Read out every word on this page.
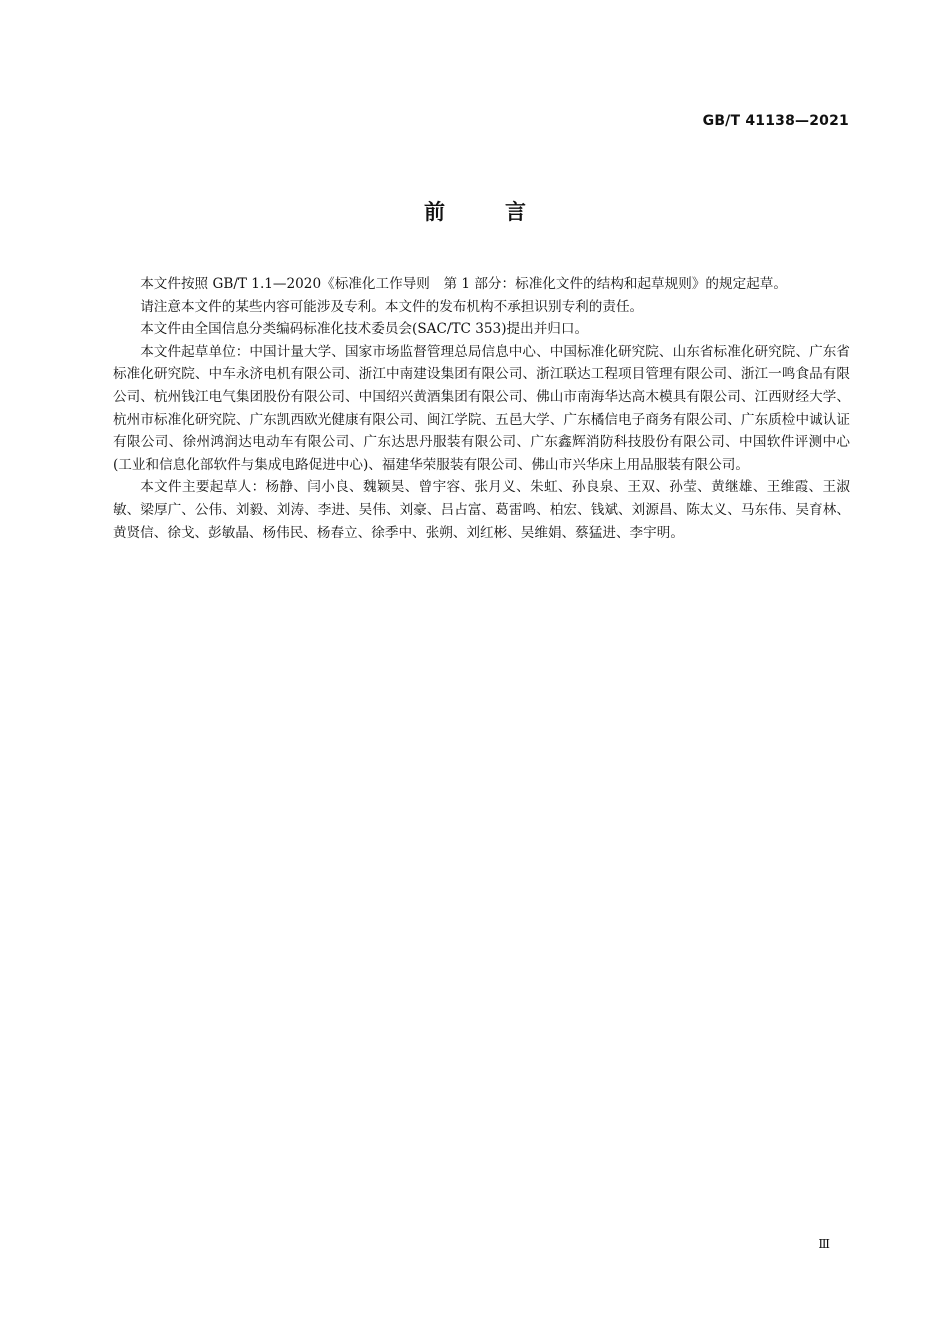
GB/T 41138—2021
前言

本文件按照 GB/T 1.1—2020《标准化工作导则　第 1 部分：标准化文件的结构和起草规则》的规定起草。

请注意本文件的某些内容可能涉及专利。本文件的发布机构不承担识别专利的责任。

本文件由全国信息分类编码标准化技术委员会(SAC/TC 353)提出并归口。

本文件起草单位：中国计量大学、国家市场监督管理总局信息中心、中国标准化研究院、山东省标准化研究院、广东省标准化研究院、中车永济电机有限公司、浙江中南建设集团有限公司、浙江联达工程项目管理有限公司、浙江一鸣食品有限公司、杭州钱江电气集团股份有限公司、中国绍兴黄酒集团有限公司、佛山市南海华达高木模具有限公司、江西财经大学、杭州市标准化研究院、广东凯西欧光健康有限公司、闽江学院、五邑大学、广东橘信电子商务有限公司、广东质检中诚认证有限公司、徐州鸿润达电动车有限公司、广东达思丹服装有限公司、广东鑫辉消防科技股份有限公司、中国软件评测中心(工业和信息化部软件与集成电路促进中心)、福建华荣服装有限公司、佛山市兴华床上用品服装有限公司。

本文件主要起草人：杨静、闫小良、魏颖昊、曾宇容、张月义、朱虹、孙良泉、王双、孙莹、黄继雄、王维霞、王淑敏、梁厚广、公伟、刘毅、刘涛、李进、吴伟、刘豪、吕占富、葛雷鸣、柏宏、钱斌、刘源昌、陈太义、马东伟、吴育林、黄贤信、徐戈、彭敏晶、杨伟民、杨春立、徐季中、张朔、刘红彬、吴维娟、蔡猛进、李宇明。

Ⅲ
